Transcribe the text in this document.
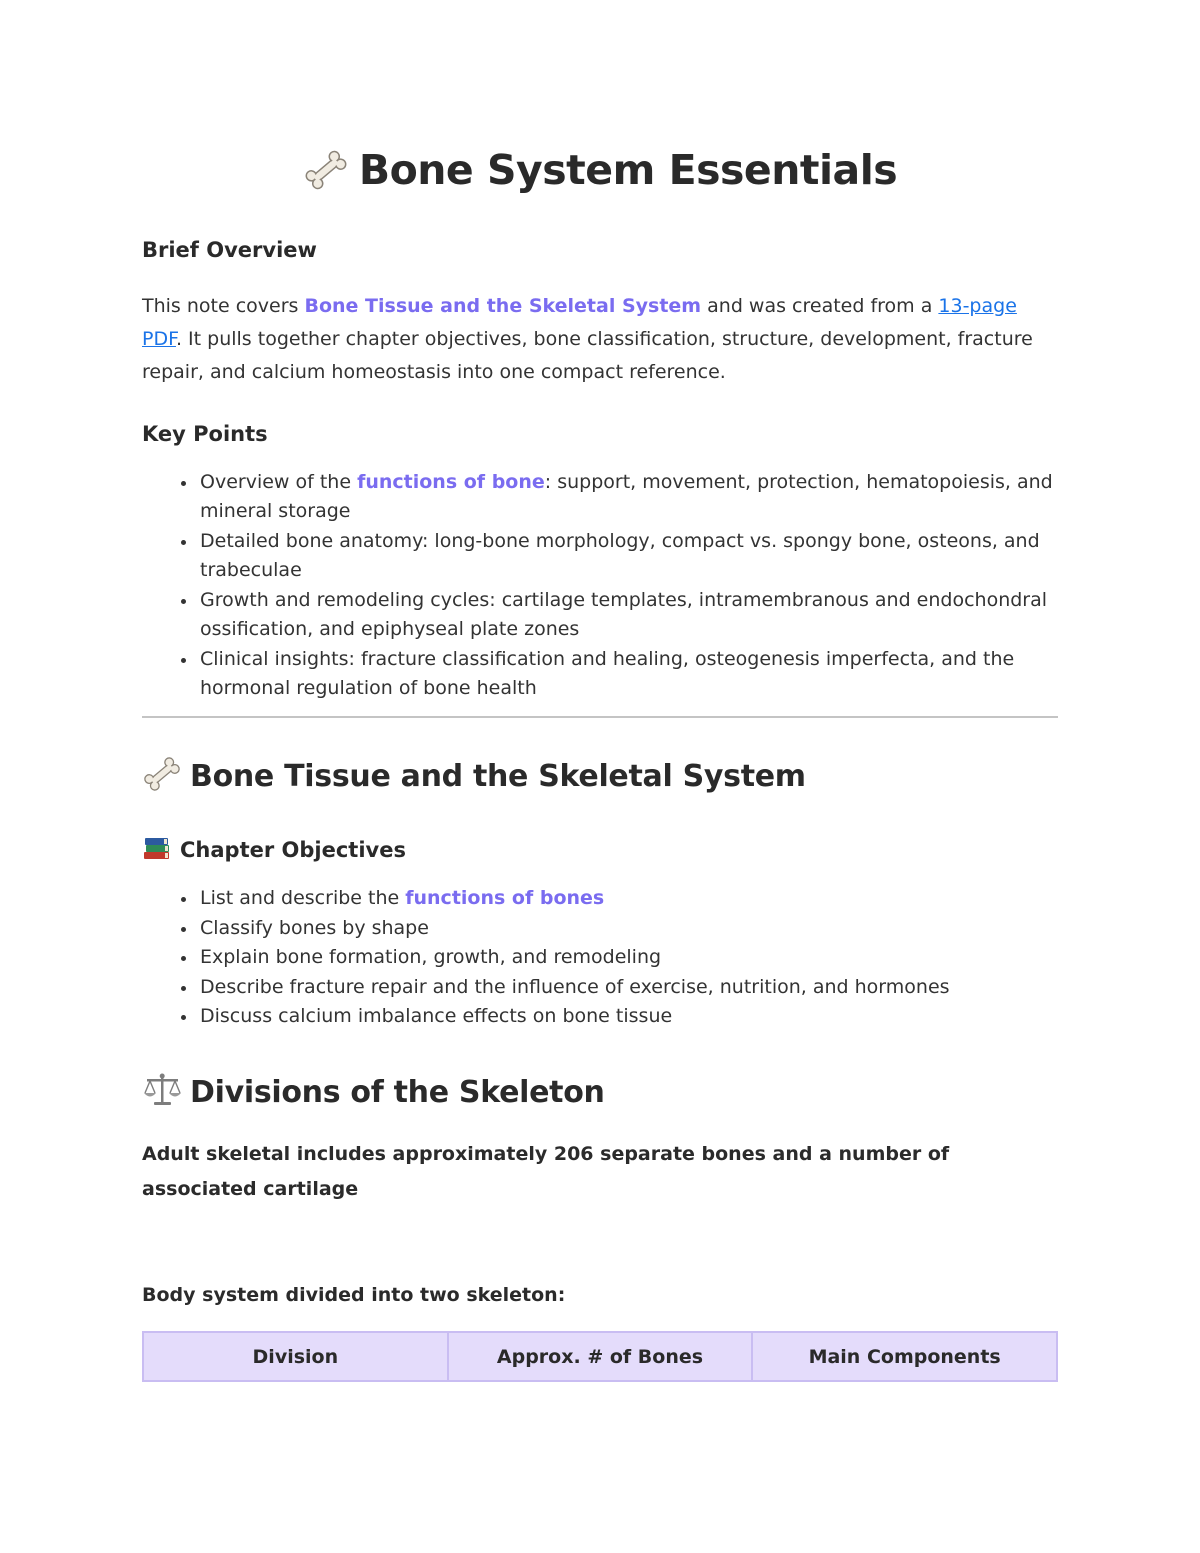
Bone System Essentials
Brief Overview
This note covers Bone Tissue and the Skeletal System and was created from a 13-page PDF. It pulls together chapter objectives, bone classification, structure, development, fracture repair, and calcium homeostasis into one compact reference.
Key Points
Overview of the functions of bone: support, movement, protection, hematopoiesis, and mineral storage
Detailed bone anatomy: long-bone morphology, compact vs. spongy bone, osteons, and trabeculae
Growth and remodeling cycles: cartilage templates, intramembranous and endochondral ossification, and epiphyseal plate zones
Clinical insights: fracture classification and healing, osteogenesis imperfecta, and the hormonal regulation of bone health
Bone Tissue and the Skeletal System
Chapter Objectives
List and describe the functions of bones
Classify bones by shape
Explain bone formation, growth, and remodeling
Describe fracture repair and the influence of exercise, nutrition, and hormones
Discuss calcium imbalance effects on bone tissue
Divisions of the Skeleton
Adult skeletal includes approximately 206 separate bones and a number of associated cartilage
Body system divided into two skeleton:
Division	Approx. # of Bones	Main Components
